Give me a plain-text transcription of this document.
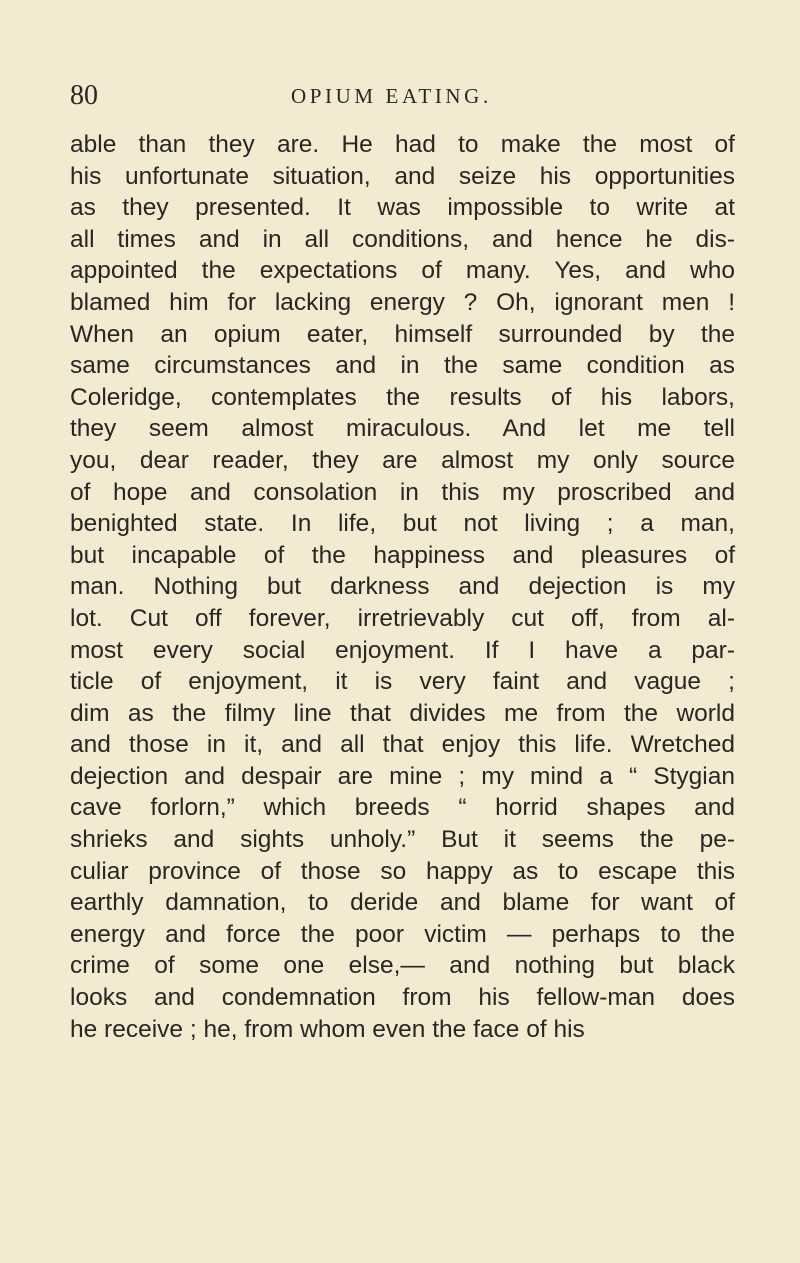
80	OPIUM EATING.
able than they are. He had to make the most of
his unfortunate situation, and seize his opportunities
as they presented. It was impossible to write at
all times and in all conditions, and hence he dis-
appointed the expectations of many. Yes, and who
blamed him for lacking energy ? Oh, ignorant men !
When an opium eater, himself surrounded by the
same circumstances and in the same condition as
Coleridge, contemplates the results of his labors,
they seem almost miraculous. And let me tell
you, dear reader, they are almost my only source
of hope and consolation in this my proscribed and
benighted state. In life, but not living ; a man,
but incapable of the happiness and pleasures of
man. Nothing but darkness and dejection is my
lot. Cut off forever, irretrievably cut off, from al-
most every social enjoyment. If I have a par-
ticle of enjoyment, it is very faint and vague ;
dim as the filmy line that divides me from the world
and those in it, and all that enjoy this life. Wretched
dejection and despair are mine ; my mind a “ Stygian
cave forlorn,” which breeds “ horrid shapes and
shrieks and sights unholy.” But it seems the pe-
culiar province of those so happy as to escape this
earthly damnation, to deride and blame for want of
energy and force the poor victim — perhaps to the
crime of some one else,— and nothing but black
looks and condemnation from his fellow-man does
he receive ; he, from whom even the face of his
